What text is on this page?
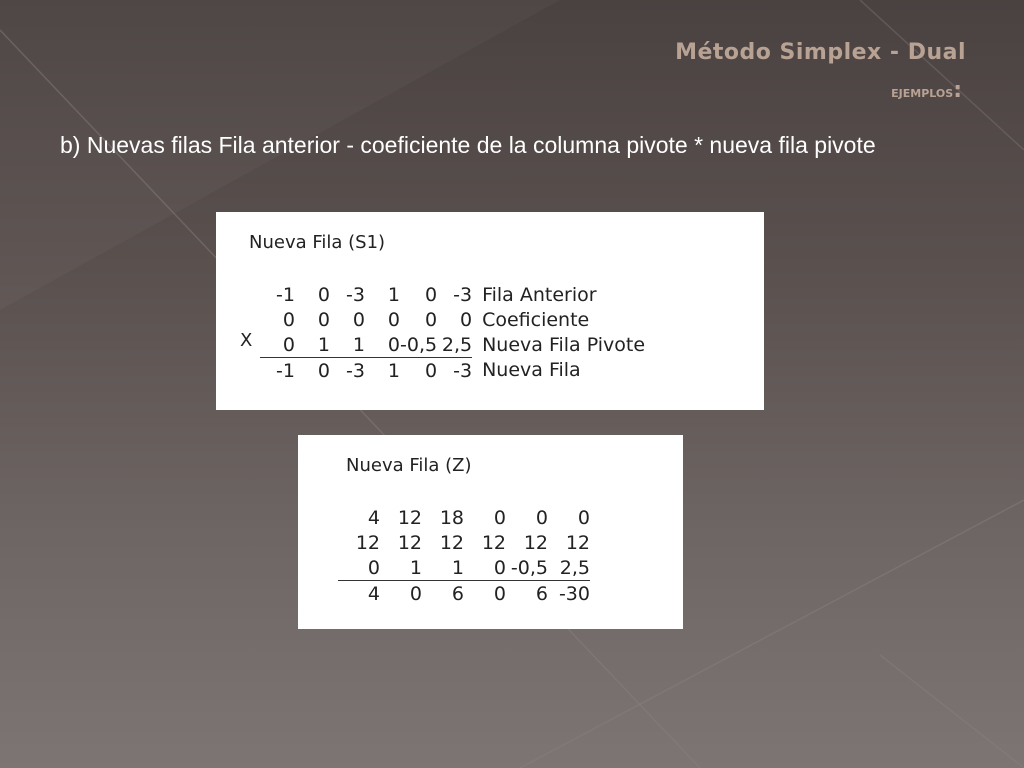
Método Simplex - Dual
EJEMPLOS:
b) Nuevas filas Fila anterior - coeficiente de la columna pivote * nueva fila pivote
Nueva Fila (S1)
X
-1	0	-3	1	0	-3	Fila Anterior
0	0	0	0	0	0	Coeficiente
0	1	1	0	-0,5	2,5	Nueva Fila Pivote
-1	0	-3	1	0	-3	Nueva Fila
Nueva Fila (Z)
4	12	18	0	0	0
12	12	12	12	12	12
0	1	1	0	-0,5	2,5
4	0	6	0	6	-30
